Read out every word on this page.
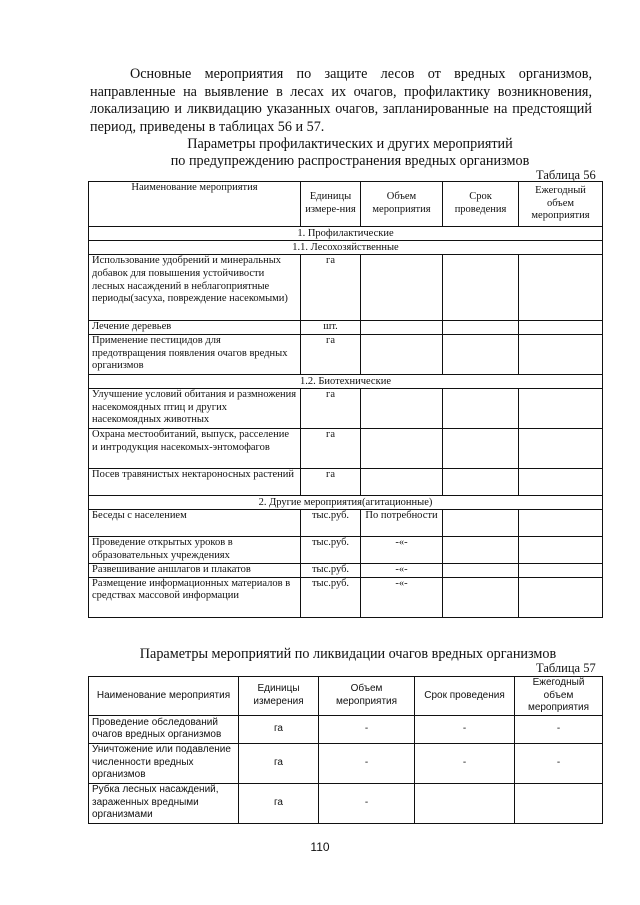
Основные мероприятия по защите лесов от вредных организмов, направленные на выявление в лесах их очагов, профилактику возникновения, локализацию и ликвидацию указанных очагов, запланированные на предстоящий период, приведены в таблицах 56 и 57.
Параметры профилактических и других мероприятий
по предупреждению распространения вредных организмов
Таблица 56
Наименование мероприятия	Единицы измере-ния	Объем мероприятия	Срок проведения	Ежегодный объем мероприятия
1. Профилактические				
1.1. Лесохозяйственные				
Использование удобрений и минеральных добавок для повышения устойчивости лесных насаждений в неблагоприятные периоды(засуха, повреждение насекомыми)	га			
Лечение деревьев	шт.			
Применение пестицидов для предотвращения появления очагов вредных организмов	га			
1.2. Биотехнические				
Улучшение условий обитания и размножения насекомоядных птиц и других насекомоядных животных	га			
Охрана местообитаний, выпуск, расселение и интродукция насекомых-энтомофагов	га			
Посев травянистых нектароносных растений	га			
2. Другие мероприятия(агитационные)				
Беседы с населением	тыс.руб.	По потребности		
Проведение открытых уроков в образовательных учреждениях	тыс.руб.	-«-		
Развешивание аншлагов и плакатов	тыс.руб.	-«-		
Размещение информационных материалов в средствах массовой информации	тыс.руб.	-«-		
Параметры мероприятий по ликвидации очагов вредных организмов
Таблица 57
Наименование мероприятия	Единицы измерения	Объем мероприятия	Срок проведения	Ежегодный объем мероприятия
Проведение обследований очагов вредных организмов	га	-	-	-
Уничтожение или подавление численности вредных организмов	га	-	-	-
Рубка лесных насаждений, зараженных вредными организмами	га	-		
110
